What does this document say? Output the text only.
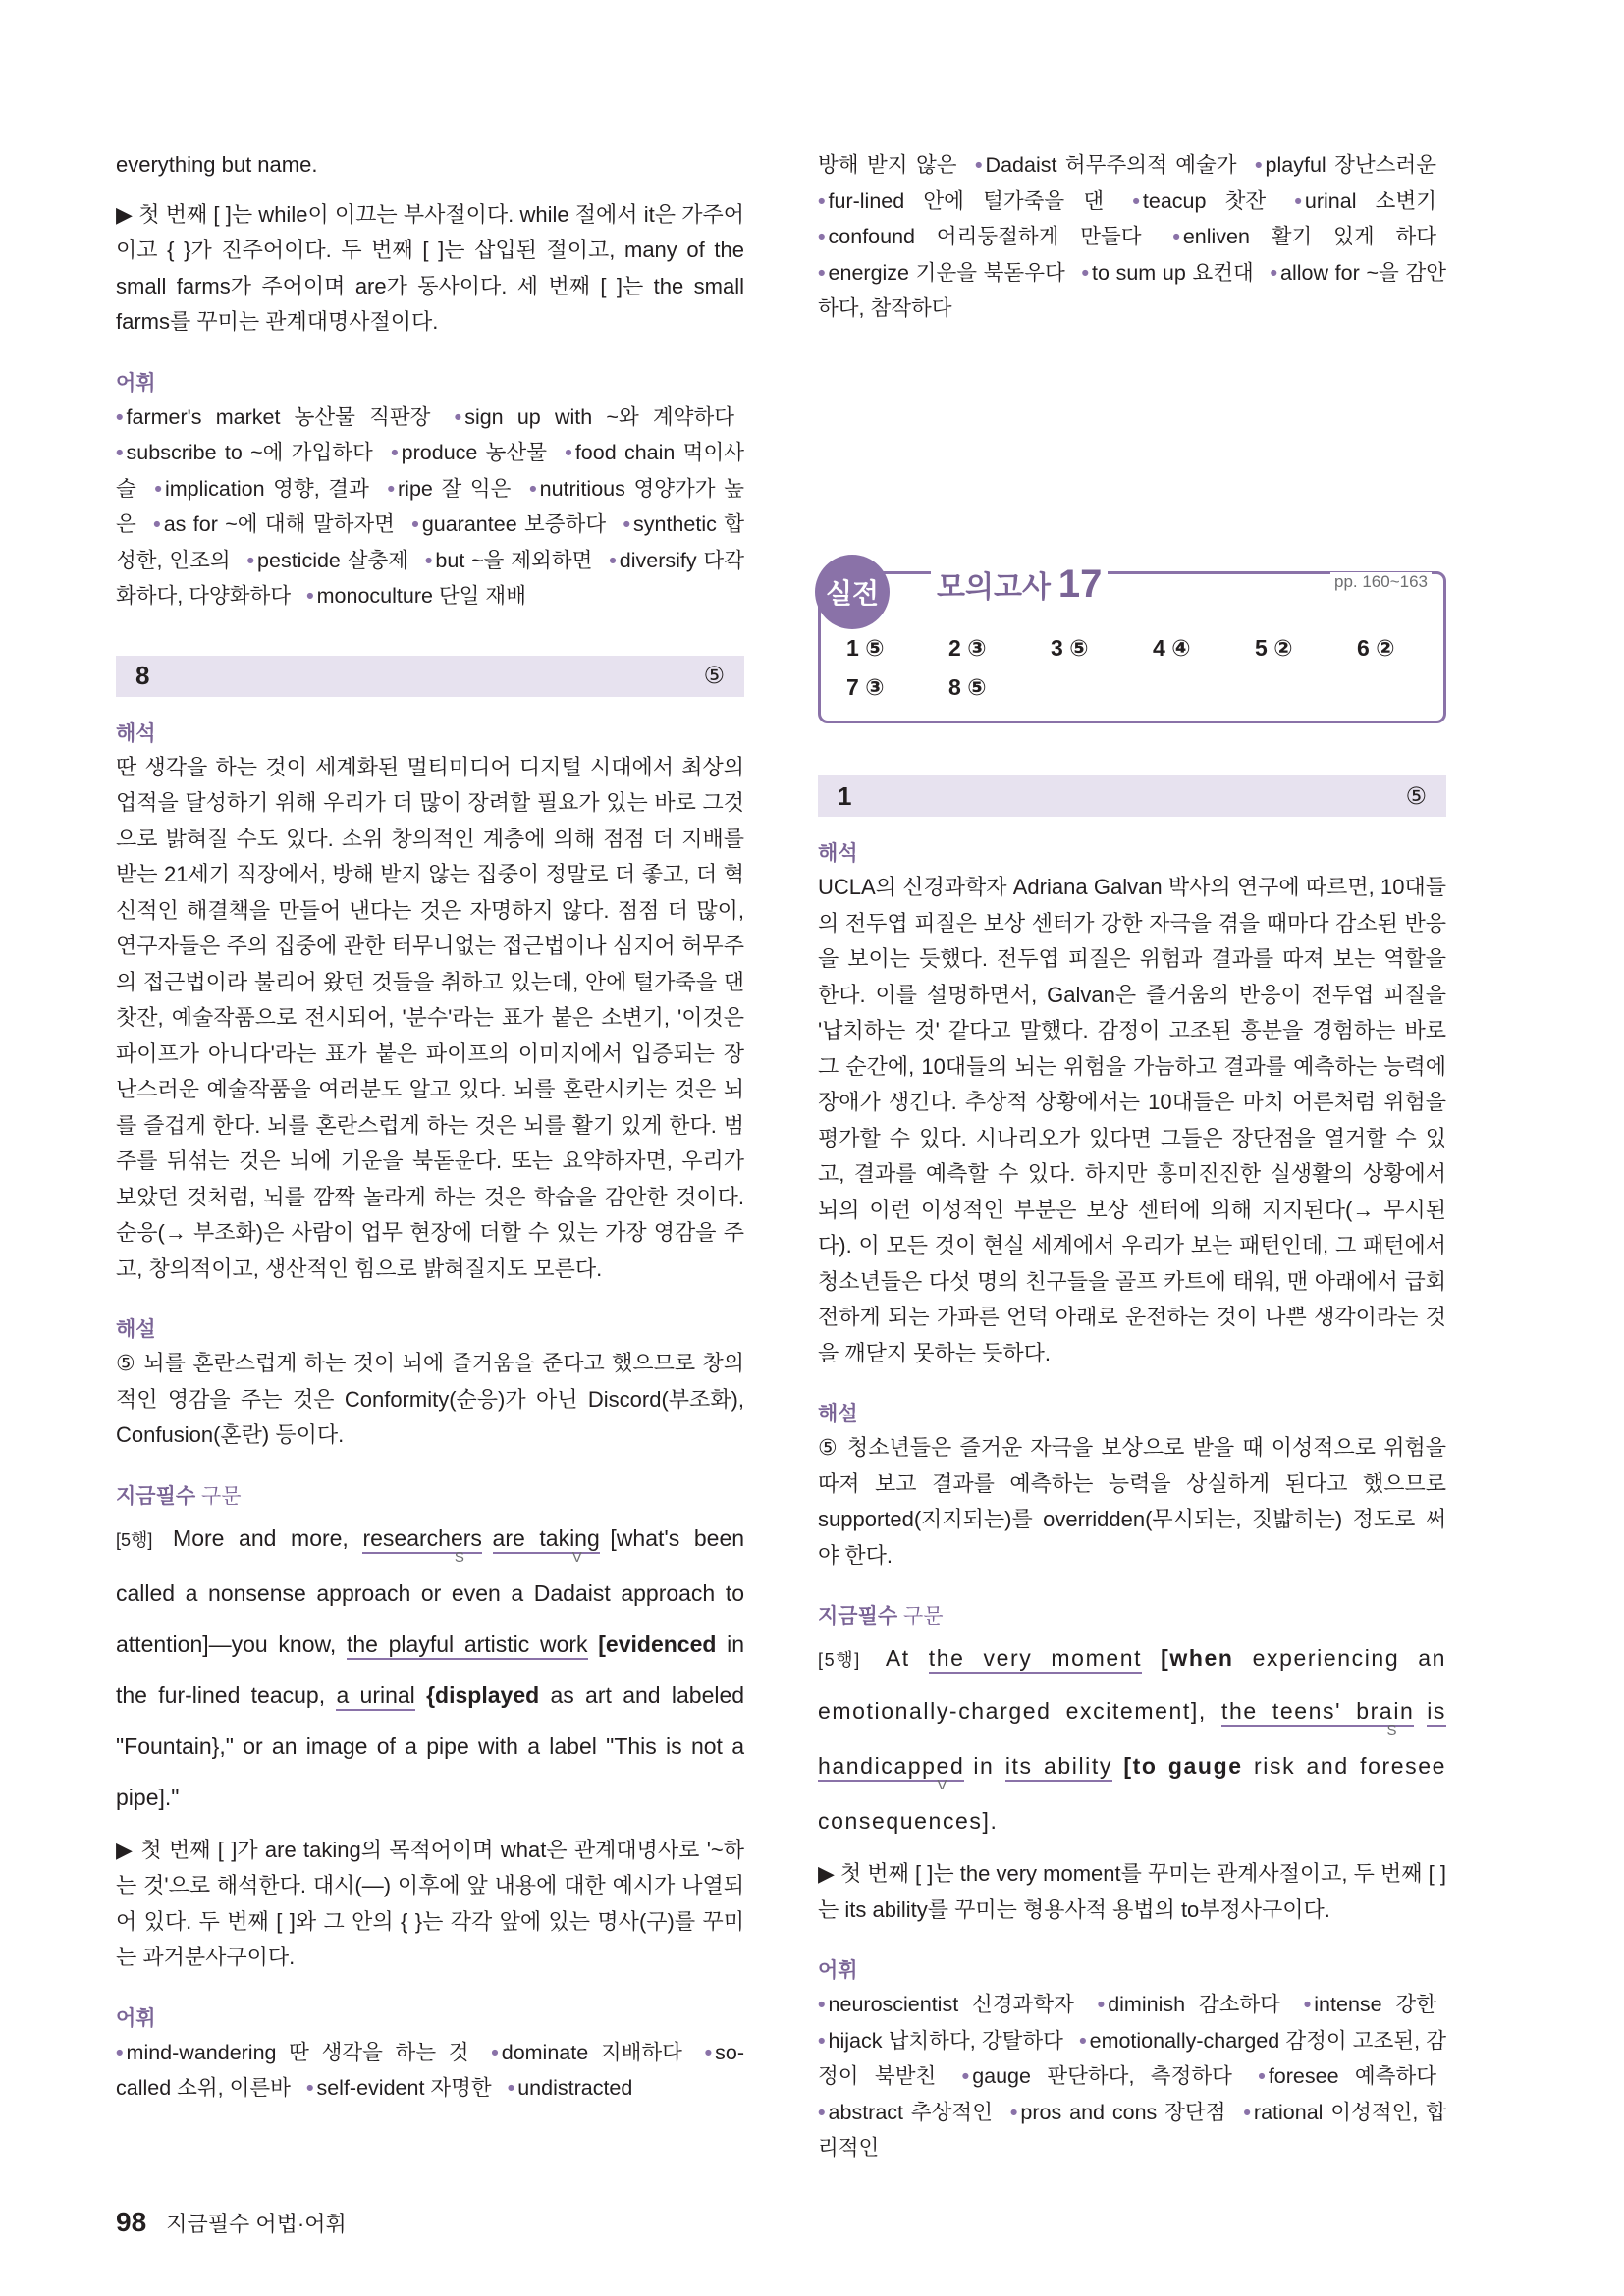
everything but name.

▶ 첫 번째 [ ]는 while이 이끄는 부사절이다. while 절에서 it은 가주어이고 { }가 진주어이다. 두 번째 [ ]는 삽입된 절이고, many of the small farms가 주어이며 are가 동사이다. 세 번째 [ ]는 the small farms를 꾸미는 관계대명사절이다.

어휘
• farmer's market 농산물 직판장 • sign up with ~와 계약하다 • subscribe to ~에 가입하다 • produce 농산물 • food chain 먹이사슬 • implication 영향, 결과 • ripe 잘 익은 • nutritious 영양가가 높은 • as for ~에 대해 말하자면 • guarantee 보증하다 • synthetic 합성한, 인조의 • pesticide 살충제 • but ~을 제외하면 • diversify 다각화하다, 다양화하다 • monoculture 단일 재배
8	⑤
해석

딴 생각을 하는 것이 세계화된 멀티미디어 디지털 시대에서 최상의 업적을 달성하기 위해 우리가 더 많이 장려할 필요가 있는 바로 그것으로 밝혀질 수도 있다. 소위 창의적인 계층에 의해 점점 더 지배를 받는 21세기 직장에서, 방해 받지 않는 집중이 정말로 더 좋고, 더 혁신적인 해결책을 만들어 낸다는 것은 자명하지 않다. 점점 더 많이, 연구자들은 주의 집중에 관한 터무니없는 접근법이나 심지어 허무주의 접근법이라 불리어 왔던 것들을 취하고 있는데, 안에 털가죽을 댄 찻잔, 예술작품으로 전시되어, '분수'라는 표가 붙은 소변기, '이것은 파이프가 아니다'라는 표가 붙은 파이프의 이미지에서 입증되는 장난스러운 예술작품을 여러분도 알고 있다. 뇌를 혼란시키는 것은 뇌를 즐겁게 한다. 뇌를 혼란스럽게 하는 것은 뇌를 활기 있게 한다. 범주를 뒤섞는 것은 뇌에 기운을 북돋운다. 또는 요약하자면, 우리가 보았던 것처럼, 뇌를 깜짝 놀라게 하는 것은 학습을 감안한 것이다. 순응(→ 부조화)은 사람이 업무 현장에 더할 수 있는 가장 영감을 주고, 창의적이고, 생산적인 힘으로 밝혀질지도 모른다.

해설

⑤ 뇌를 혼란스럽게 하는 것이 뇌에 즐거움을 준다고 했으므로 창의적인 영감을 주는 것은 Conformity(순응)가 아닌 Discord(부조화), Confusion(혼란) 등이다.

지금필수 구문
[5행] More and more, researchers$_S$ are taking$_V$ [what's been called a nonsense approach or even a Dadaist approach to attention]—you know, the playful artistic work [evidenced in the fur-lined teacup, a urinal {displayed as art and labeled "Fountain}," or an image of a pipe with a label "This is not a pipe]."

▶ 첫 번째 [ ]가 are taking의 목적어이며 what은 관계대명사로 '~하는 것'으로 해석한다. 대시(—) 이후에 앞 내용에 대한 예시가 나열되어 있다. 두 번째 [ ]와 그 안의 { }는 각각 앞에 있는 명사(구)를 꾸미는 과거분사구이다.

어휘
• mind-wandering 딴 생각을 하는 것 • dominate 지배하다 • so-called 소위, 이른바 • self-evident 자명한 • undistracted
방해 받지 않은 • Dadaist 허무주의적 예술가 • playful 장난스러운 • fur-lined 안에 털가죽을 댄 • teacup 찻잔 • urinal 소변기 • confound 어리둥절하게 만들다 • enliven 활기 있게 하다 • energize 기운을 북돋우다 • to sum up 요컨대 • allow for ~을 감안하다, 참작하다
실전	모의고사 17	pp. 160~163
1 ⑤	2 ③	3 ⑤	4 ④	5 ②	6 ②
7 ③	8 ⑤
1	⑤
해석

UCLA의 신경과학자 Adriana Galvan 박사의 연구에 따르면, 10대들의 전두엽 피질은 보상 센터가 강한 자극을 겪을 때마다 감소된 반응을 보이는 듯했다. 전두엽 피질은 위험과 결과를 따져 보는 역할을 한다. 이를 설명하면서, Galvan은 즐거움의 반응이 전두엽 피질을 '납치하는 것' 같다고 말했다. 감정이 고조된 흥분을 경험하는 바로 그 순간에, 10대들의 뇌는 위험을 가늠하고 결과를 예측하는 능력에 장애가 생긴다. 추상적 상황에서는 10대들은 마치 어른처럼 위험을 평가할 수 있다. 시나리오가 있다면 그들은 장단점을 열거할 수 있고, 결과를 예측할 수 있다. 하지만 흥미진진한 실생활의 상황에서 뇌의 이런 이성적인 부분은 보상 센터에 의해 지지된다(→ 무시된다). 이 모든 것이 현실 세계에서 우리가 보는 패턴인데, 그 패턴에서 청소년들은 다섯 명의 친구들을 골프 카트에 태워, 맨 아래에서 급회전하게 되는 가파른 언덕 아래로 운전하는 것이 나쁜 생각이라는 것을 깨닫지 못하는 듯하다.

해설

⑤ 청소년들은 즐거운 자극을 보상으로 받을 때 이성적으로 위험을 따져 보고 결과를 예측하는 능력을 상실하게 된다고 했으므로 supported(지지되는)를 overridden(무시되는, 짓밟히는) 정도로 써야 한다.

지금필수 구문
[5행] At the very moment [when experiencing an emotionally-charged excitement], the teens' brain$_S$ is handicapped$_V$ in its ability [to gauge risk and foresee consequences].

▶ 첫 번째 [ ]는 the very moment를 꾸미는 관계사절이고, 두 번째 [ ]는 its ability를 꾸미는 형용사적 용법의 to부정사구이다.

어휘
• neuroscientist 신경과학자 • diminish 감소하다 • intense 강한 • hijack 납치하다, 강탈하다 • emotionally-charged 감정이 고조된, 감정이 북받친 • gauge 판단하다, 측정하다 • foresee 예측하다 • abstract 추상적인 • pros and cons 장단점 • rational 이성적인, 합리적인
98 지금필수 어법·어휘
